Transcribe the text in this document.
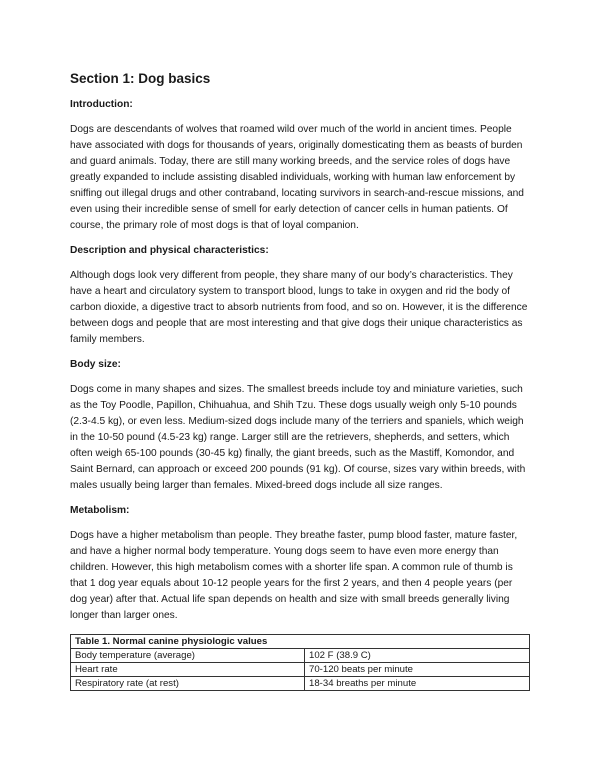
Section 1: Dog basics
Introduction:

Dogs are descendants of wolves that roamed wild over much of the world in ancient times. People have associated with dogs for thousands of years, originally domesticating them as beasts of burden and guard animals. Today, there are still many working breeds, and the service roles of dogs have greatly expanded to include assisting disabled individuals, working with human law enforcement by sniffing out illegal drugs and other contraband, locating survivors in search-and-rescue missions, and even using their incredible sense of smell for early detection of cancer cells in human patients. Of course, the primary role of most dogs is that of loyal companion.

Description and physical characteristics:

Although dogs look very different from people, they share many of our body’s characteristics. They have a heart and circulatory system to transport blood, lungs to take in oxygen and rid the body of carbon dioxide, a digestive tract to absorb nutrients from food, and so on. However, it is the difference between dogs and people that are most interesting and that give dogs their unique characteristics as family members.

Body size:

Dogs come in many shapes and sizes. The smallest breeds include toy and miniature varieties, such as the Toy Poodle, Papillon, Chihuahua, and Shih Tzu. These dogs usually weigh only 5-10 pounds (2.3-4.5 kg), or even less. Medium-sized dogs include many of the terriers and spaniels, which weigh in the 10-50 pound (4.5-23 kg) range. Larger still are the retrievers, shepherds, and setters, which often weigh 65-100 pounds (30-45 kg) finally, the giant breeds, such as the Mastiff, Komondor, and Saint Bernard, can approach or exceed 200 pounds (91 kg). Of course, sizes vary within breeds, with males usually being larger than females. Mixed-breed dogs include all size ranges.

Metabolism:

Dogs have a higher metabolism than people. They breathe faster, pump blood faster, mature faster, and have a higher normal body temperature. Young dogs seem to have even more energy than children. However, this high metabolism comes with a shorter life span. A common rule of thumb is that 1 dog year equals about 10-12 people years for the first 2 years, and then 4 people years (per dog year) after that. Actual life span depends on health and size with small breeds generally living longer than larger ones.

Table 1. Normal canine physiologic values	
Body temperature (average)	102 F (38.9 C)
Heart rate	70-120 beats per minute
Respiratory rate (at rest)	18-34 breaths per minute
